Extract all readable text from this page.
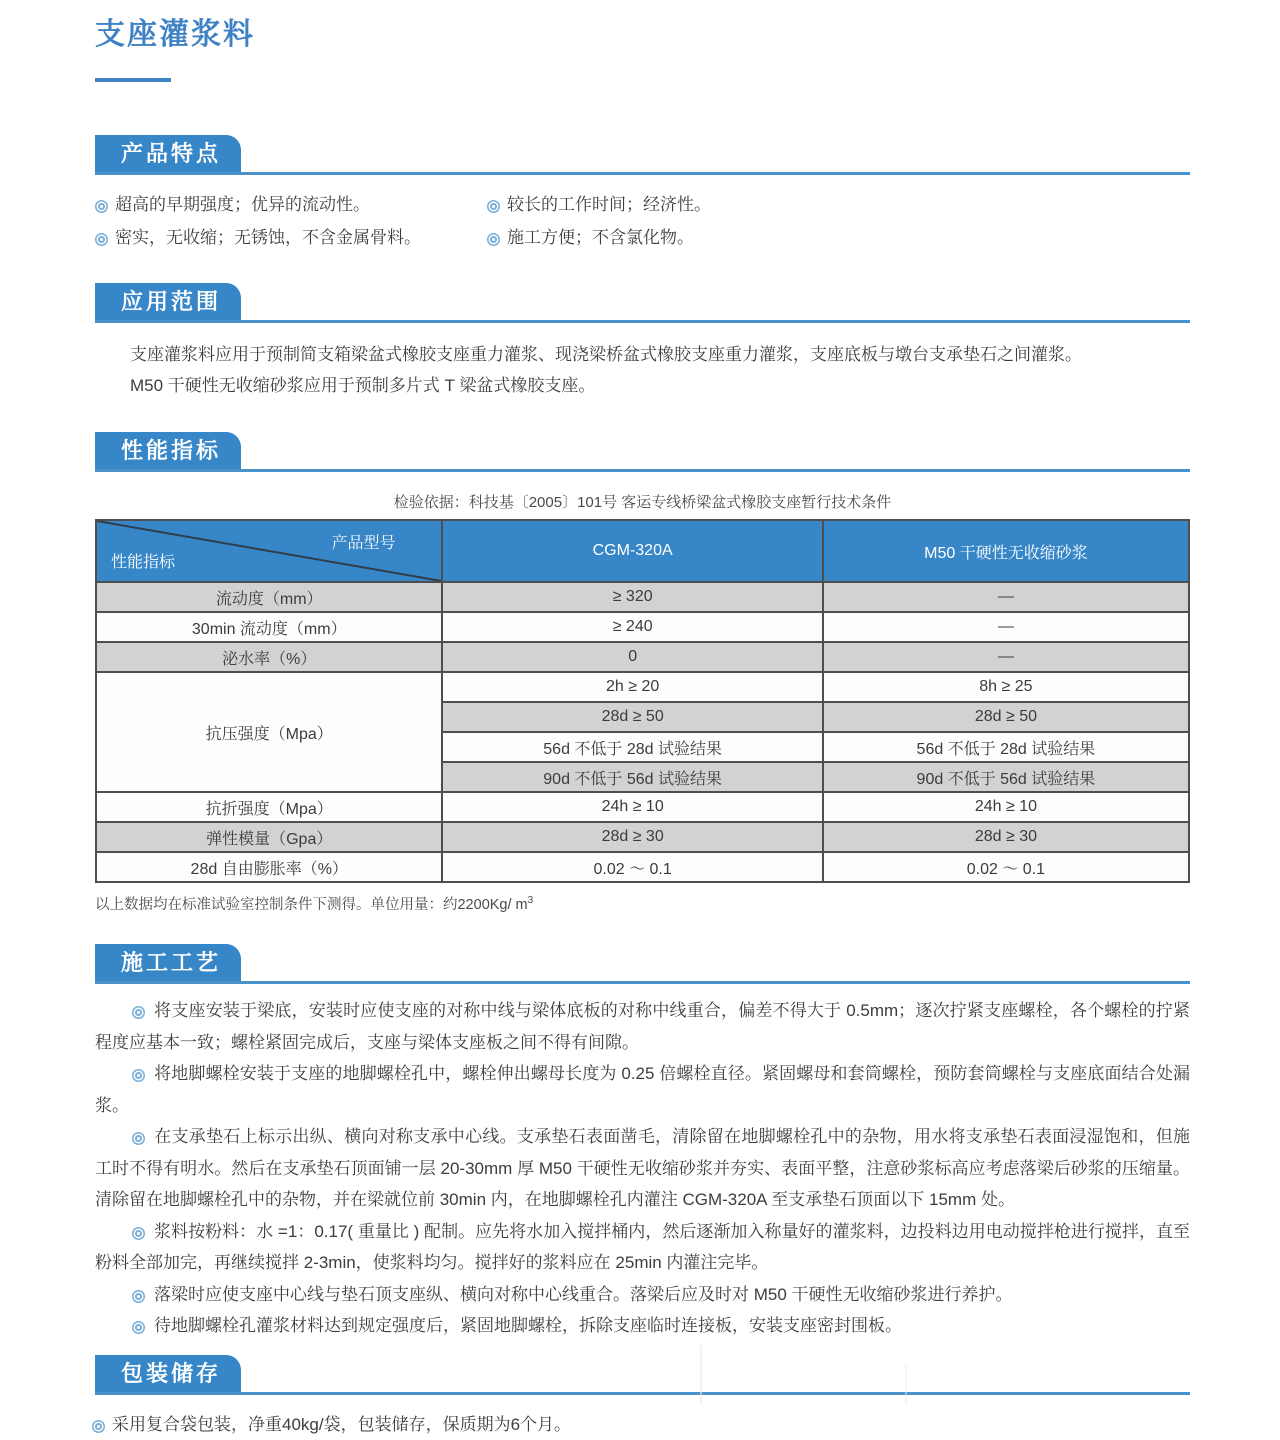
支座灌浆料
产品特点
超高的早期强度；优异的流动性。	较长的工作时间；经济性。
密实，无收缩；无锈蚀，不含金属骨料。	施工方便；不含氯化物。
应用范围

支座灌浆料应用于预制简支箱梁盆式橡胶支座重力灌浆、现浇梁桥盆式橡胶支座重力灌浆，支座底板与墩台支承垫石之间灌浆。

M50 干硬性无收缩砂浆应用于预制多片式 T 梁盆式橡胶支座。

性能指标
检验依据：科技基〔2005〕101号 客运专线桥梁盆式橡胶支座暂行技术条件
产品型号
性能指标	CGM-320A	M50 干硬性无收缩砂浆
流动度（mm）	≥ 320	—
30min 流动度（mm）	≥ 240	—
泌水率（%）	0	—
抗压强度（Mpa）	2h ≥ 20	8h ≥ 25
	28d ≥ 50	28d ≥ 50
	56d 不低于 28d 试验结果	56d 不低于 28d 试验结果
	90d 不低于 56d 试验结果	90d 不低于 56d 试验结果
抗折强度（Mpa）	24h ≥ 10	24h ≥ 10
弹性模量（Gpa）	28d ≥ 30	28d ≥ 30
28d 自由膨胀率（%）	0.02 ～ 0.1	0.02 ～ 0.1
以上数据均在标准试验室控制条件下测得。单位用量：约2200Kg/ $m^3$
施工工艺

将支座安装于梁底，安装时应使支座的对称中线与梁体底板的对称中线重合，偏差不得大于 0.5mm；逐次拧紧支座螺栓，各个螺栓的拧紧程度应基本一致；螺栓紧固完成后，支座与梁体支座板之间不得有间隙。

将地脚螺栓安装于支座的地脚螺栓孔中，螺栓伸出螺母长度为 0.25 倍螺栓直径。紧固螺母和套筒螺栓，预防套筒螺栓与支座底面结合处漏浆。

在支承垫石上标示出纵、横向对称支承中心线。支承垫石表面凿毛，清除留在地脚螺栓孔中的杂物，用水将支承垫石表面浸湿饱和，但施工时不得有明水。然后在支承垫石顶面铺一层 20-30mm 厚 M50 干硬性无收缩砂浆并夯实、表面平整，注意砂浆标高应考虑落梁后砂浆的压缩量。清除留在地脚螺栓孔中的杂物，并在梁就位前 30min 内，在地脚螺栓孔内灌注 CGM-320A 至支承垫石顶面以下 15mm 处。

浆料按粉料：水 =1：0.17( 重量比 ) 配制。应先将水加入搅拌桶内，然后逐渐加入称量好的灌浆料，边投料边用电动搅拌枪进行搅拌，直至粉料全部加完，再继续搅拌 2-3min，使浆料均匀。搅拌好的浆料应在 25min 内灌注完毕。

落梁时应使支座中心线与垫石顶支座纵、横向对称中心线重合。落梁后应及时对 M50 干硬性无收缩砂浆进行养护。

待地脚螺栓孔灌浆材料达到规定强度后，紧固地脚螺栓，拆除支座临时连接板，安装支座密封围板。

包装储存
采用复合袋包装，净重40kg/袋，包装储存，保质期为6个月。
